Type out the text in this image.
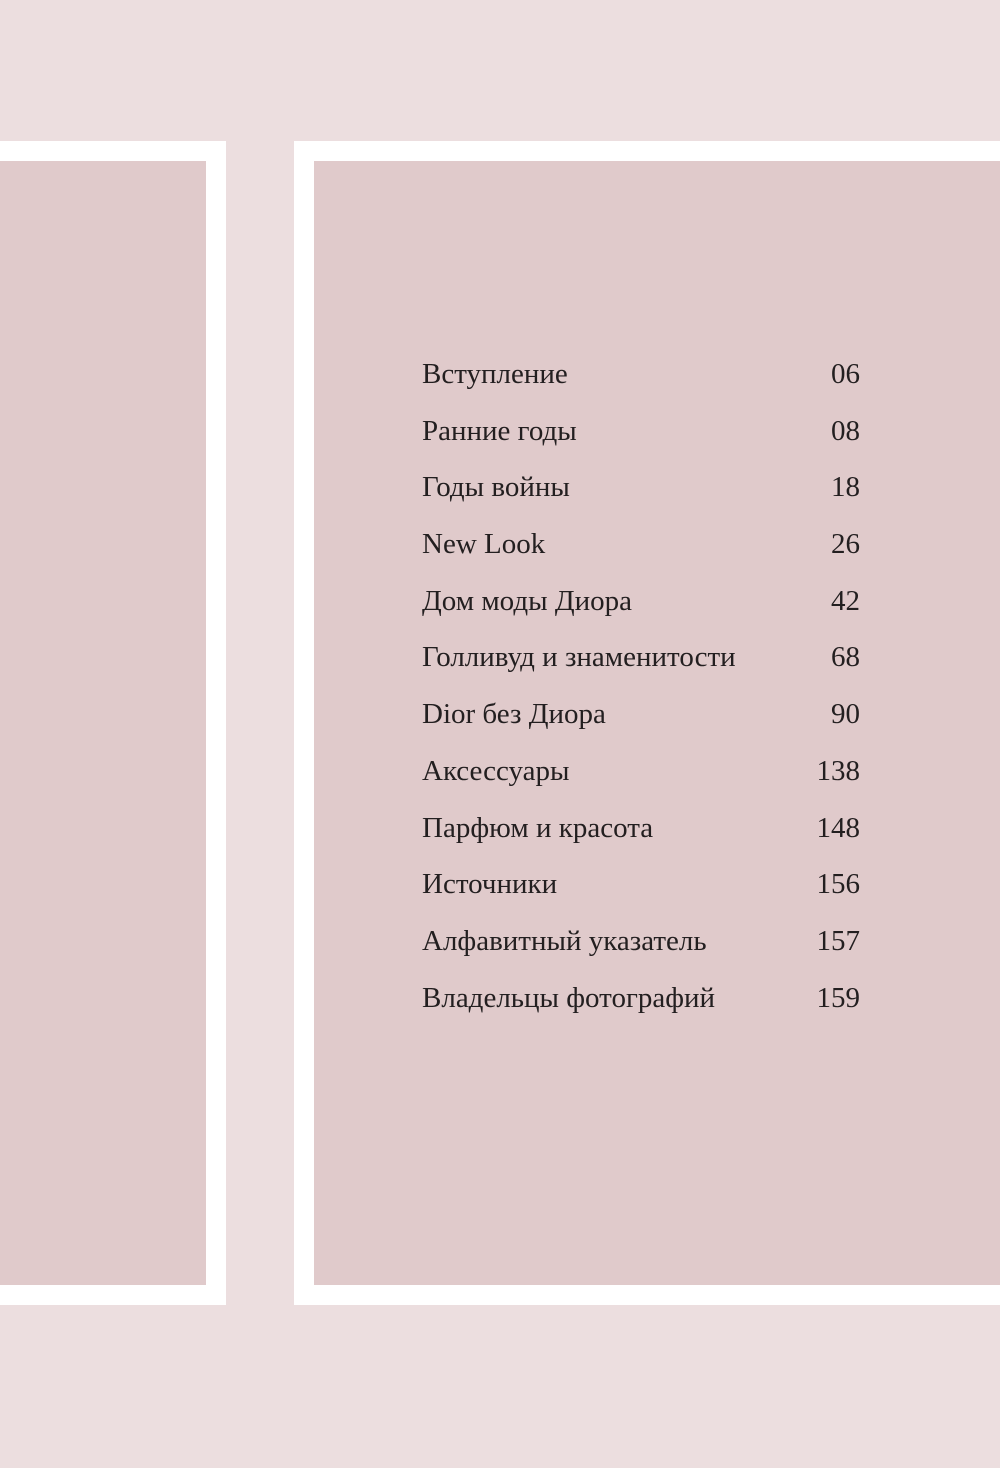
Вступление	06
Ранние годы	08
Годы войны	18
New Look	26
Дом моды Диора	42
Голливуд и знаменитости	68
Dior без Диора	90
Аксессуары	138
Парфюм и красота	148
Источники	156
Алфавитный указатель	157
Владельцы фотографий	159
